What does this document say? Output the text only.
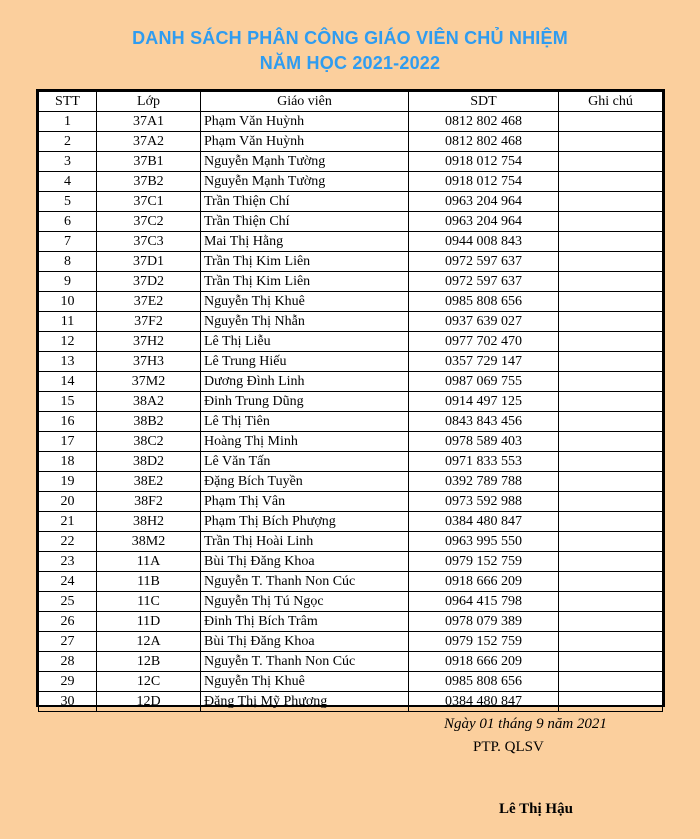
DANH SÁCH PHÂN CÔNG GIÁO VIÊN CHỦ NHIỆM
NĂM HỌC 2021-2022
STT	Lớp	Giáo viên	SDT	Ghi chú
1	37A1	Phạm Văn Huỳnh	0812 802 468	
2	37A2	Phạm Văn Huỳnh	0812 802 468	
3	37B1	Nguyễn Mạnh Tường	0918 012 754	
4	37B2	Nguyễn Mạnh Tường	0918 012 754	
5	37C1	Trần Thiện Chí	0963 204 964	
6	37C2	Trần Thiện Chí	0963 204 964	
7	37C3	Mai Thị Hằng	0944 008 843	
8	37D1	Trần Thị Kim Liên	0972 597 637	
9	37D2	Trần Thị Kim Liên	0972 597 637	
10	37E2	Nguyễn Thị Khuê	0985 808 656	
11	37F2	Nguyễn Thị Nhẫn	0937 639 027	
12	37H2	Lê Thị Liễu	0977 702 470	
13	37H3	Lê Trung Hiếu	0357 729 147	
14	37M2	Dương Đình Linh	0987 069 755	
15	38A2	Đinh Trung Dũng	0914 497 125	
16	38B2	Lê Thị Tiên	0843 843 456	
17	38C2	Hoàng Thị Minh	0978 589 403	
18	38D2	Lê Văn Tấn	0971 833 553	
19	38E2	Đặng Bích Tuyền	0392 789 788	
20	38F2	Phạm Thị Vân	0973 592 988	
21	38H2	Phạm Thị Bích Phượng	0384 480 847	
22	38M2	Trần Thị Hoài Linh	0963 995 550	
23	11A	Bùi Thị Đăng Khoa	0979 152 759	
24	11B	Nguyễn T. Thanh Non Cúc	0918 666 209	
25	11C	Nguyễn Thị Tú Ngọc	0964 415 798	
26	11D	Đinh Thị Bích Trâm	0978 079 389	
27	12A	Bùi Thị Đăng Khoa	0979 152 759	
28	12B	Nguyễn T. Thanh Non Cúc	0918 666 209	
29	12C	Nguyễn Thị Khuê	0985 808 656	
30	12D	Đặng Thị Mỹ Phương	0384 480 847	
Ngày 01 tháng 9 năm 2021
PTP. QLSV
Lê Thị Hậu
